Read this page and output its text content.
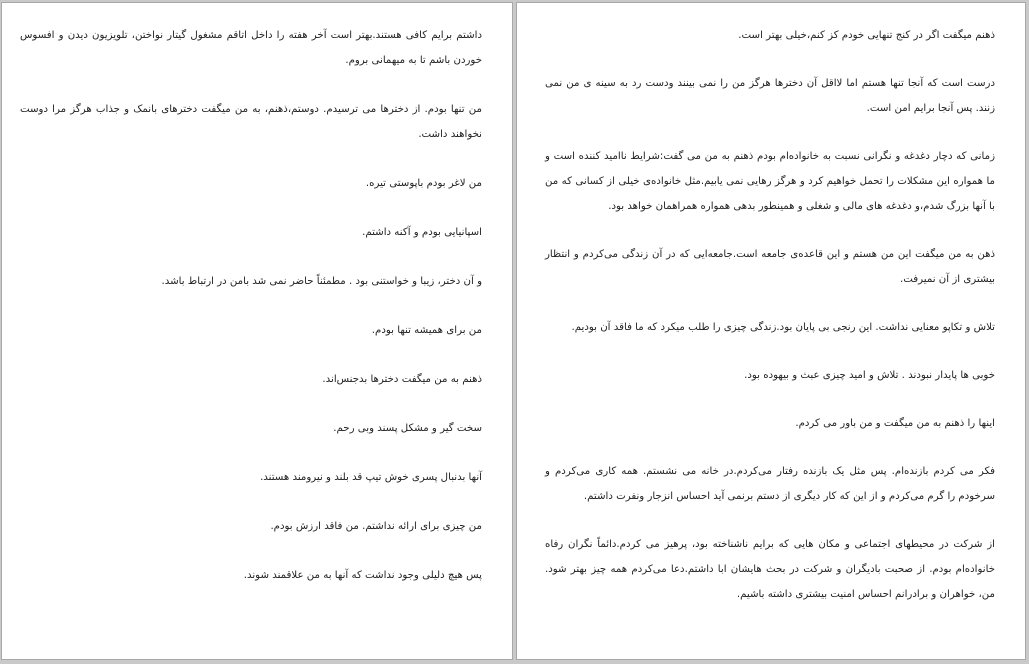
داشتم برایم کافی هستند.بهتر است آخر هفته را داخل اتاقم مشغول گیتار نواختن، تلویزیون دیدن و افسوس خوردن باشم تا به میهمانی بروم.

من تنها بودم. از دخترها می ترسیدم. دوستم،ذهنم، به من میگفت دخترهای بانمک و جذاب هرگز مرا دوست نخواهند داشت.

من لاغر بودم باپوستی تیره.

اسپانیایی بودم و آکنه داشتم.

و آن دختر، زیبا و خواستنی بود . مطمئناً حاضر نمی شد بامن در ارتباط باشد.

من برای همیشه تنها بودم.

ذهنم به من میگفت دخترها بدجنس‌اند.

سخت گیر و مشکل پسند وبی رحم.

آنها بدنبال پسری خوش تیپ قد بلند و نیرومند هستند.

من چیزی برای ارائه نداشتم. من فاقد ارزش بودم.

پس هیچ دلیلی وجود نداشت که آنها به من علاقمند شوند.

ذهنم میگفت اگر در کنج تنهایی خودم کز کنم،خیلی بهتر است.

درست است که آنجا تنها هستم اما لااقل آن دخترها هرگز من را نمی بینند ودست رد به سینه ی من نمی زنند. پس آنجا برایم امن است.

زمانی که دچار دغدغه و نگرانی نسبت به خانواده‌ام بودم ذهنم به من می گفت:شرایط ناامید کننده است و ما همواره این مشکلات را تحمل خواهیم کرد و هرگز رهایی نمی یابیم.مثل خانواده‌ی خیلی از کسانی که من با آنها بزرگ شدم،و دغدغه های مالی و شغلی و همینطور بدهی همواره همراهمان خواهد بود.

ذهن به من میگفت این من هستم و این قاعده‌ی جامعه است.جامعه‌ایی که در آن زندگی می‌کردم و انتظار بیشتری از آن نمیرفت.

تلاش و تکاپو معنایی نداشت. این رنجی بی پایان بود.زندگی چیزی را طلب میکرد که ما فاقد آن بودیم.

خوبی ها پایدار نبودند . تلاش و امید چیزی عبث و بیهوده بود.

اینها را ذهنم به من میگفت و من باور می کردم.

فکر می کردم بازنده‌ام. پس مثل یک بازنده رفتار می‌کردم.در خانه می نشستم. همه کاری می‌کردم و سرخودم را گرم می‌کردم و از این که کار دیگری از دستم برنمی آید احساس انزجار ونفرت داشتم.

از شرکت در محیطهای اجتماعی و مکان هایی که برایم ناشناخته بود، پرهیز می کردم.دائماً نگران رفاه خانواده‌ام بودم. از صحبت بادیگران و شرکت در بحث هایشان ابا داشتم.دعا می‌کردم همه چیز بهتر شود. من، خواهران و برادرانم احساس امنیت بیشتری داشته باشیم.
